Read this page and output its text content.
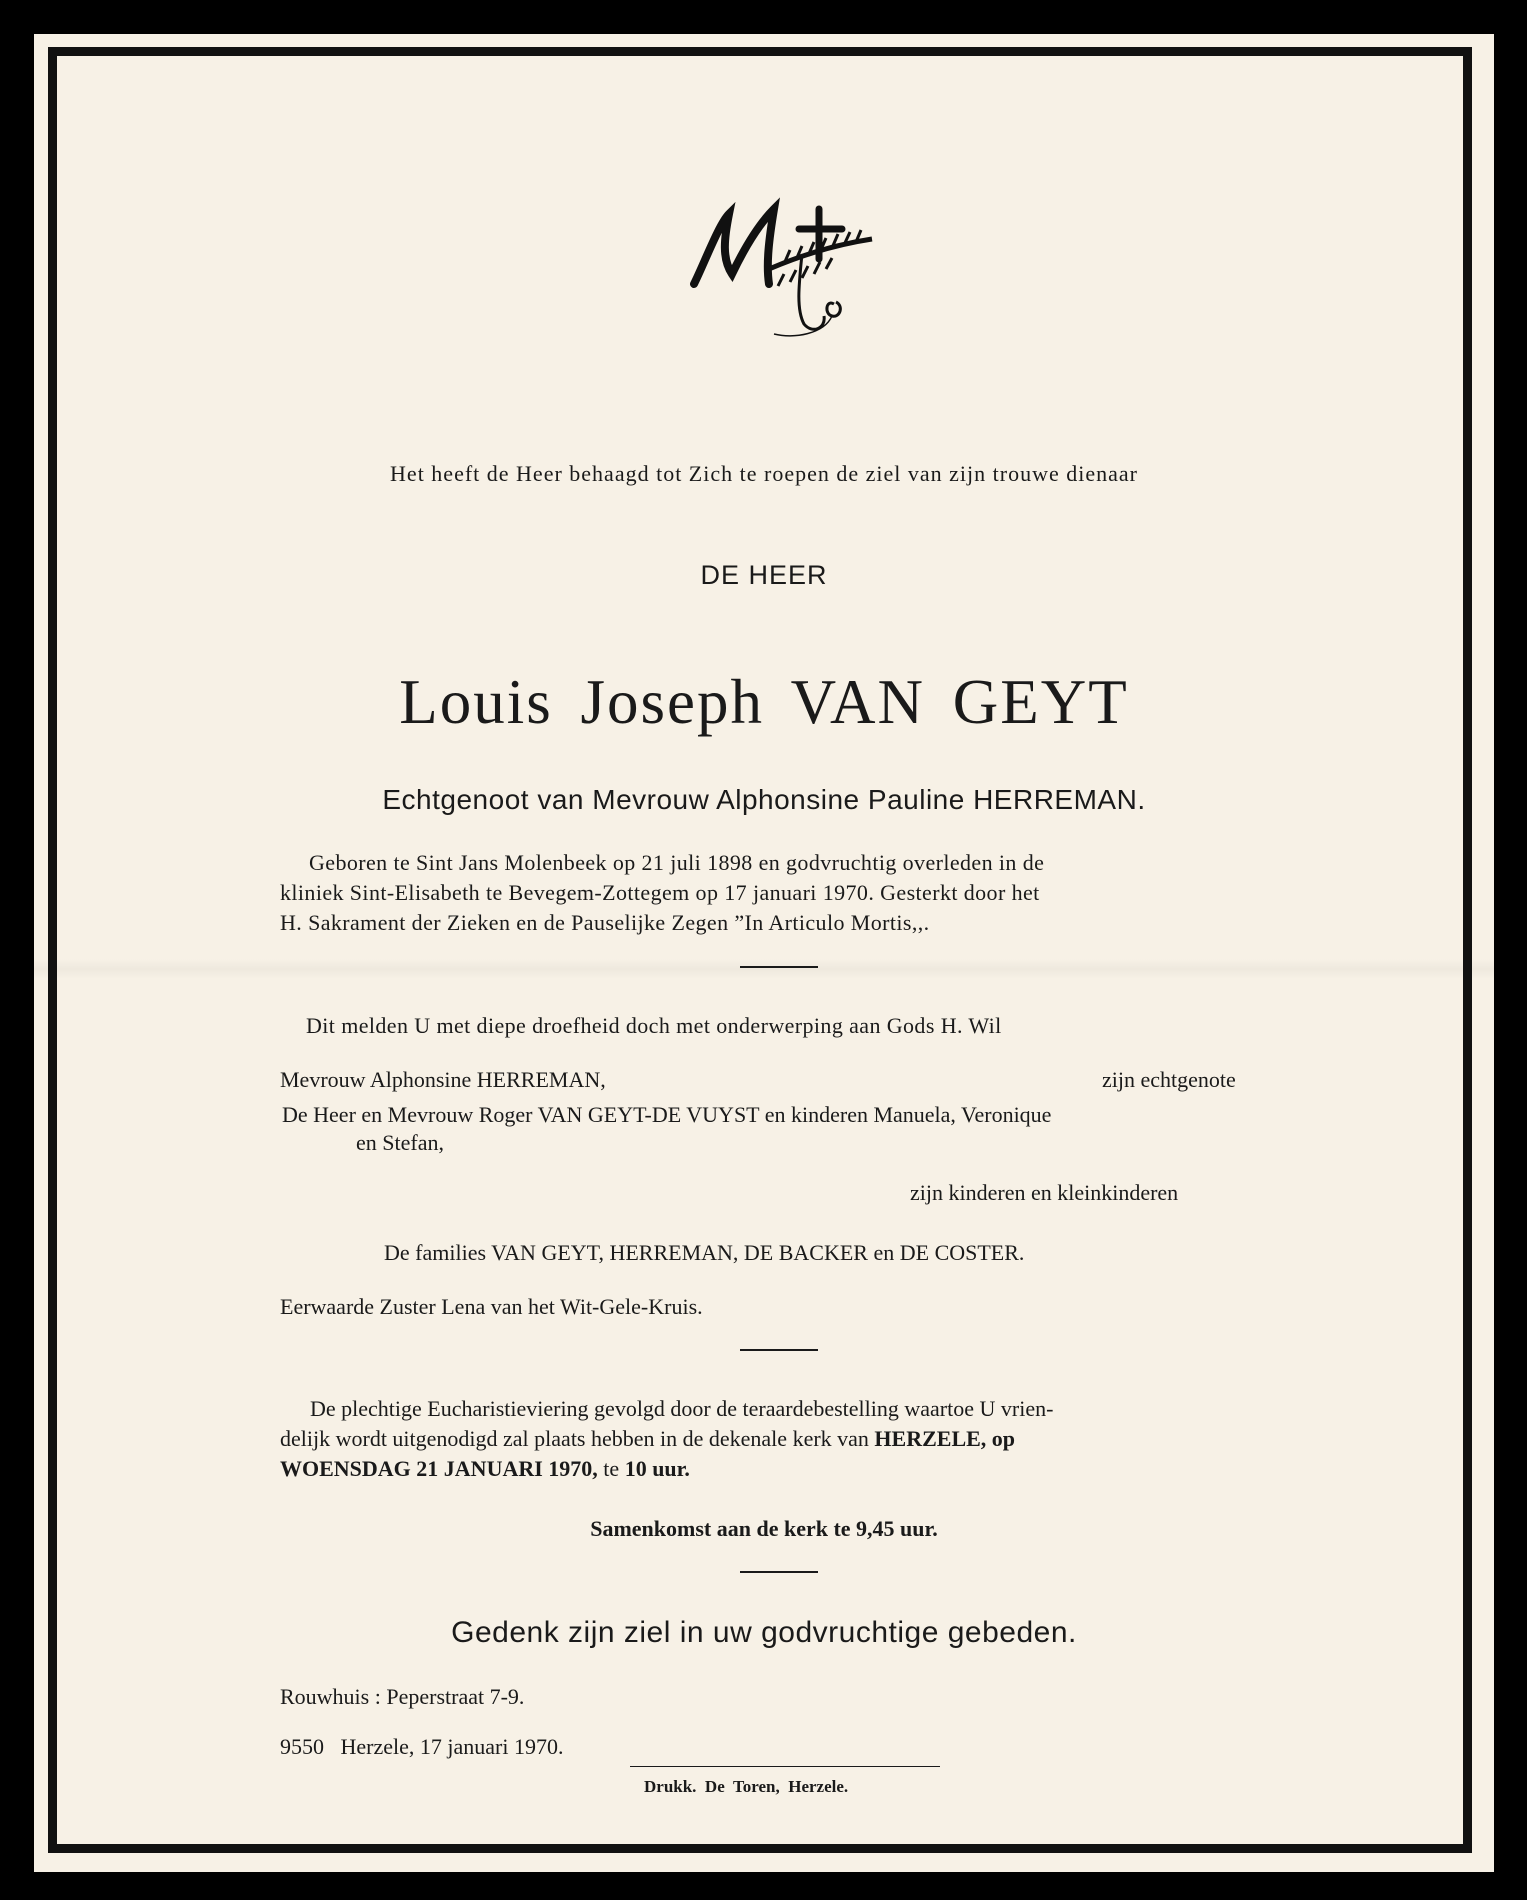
Het heeft de Heer behaagd tot Zich te roepen de ziel van zijn trouwe dienaar
DE HEER
Louis Joseph VAN GEYT
Echtgenoot van Mevrouw Alphonsine Pauline HERREMAN.
Geboren te Sint Jans Molenbeek op 21 juli 1898 en godvruchtig overleden in de
kliniek Sint-Elisabeth te Bevegem-Zottegem op 17 januari 1970. Gesterkt door het
H. Sakrament der Zieken en de Pauselijke Zegen ”In Articulo Mortis,,.
Dit melden U met diepe droefheid doch met onderwerping aan Gods H. Wil
Mevrouw Alphonsine HERREMAN,	zijn echtgenote
De Heer en Mevrouw Roger VAN GEYT-DE VUYST en kinderen Manuela, Veronique
en Stefan,
zijn kinderen en kleinkinderen
De families VAN GEYT, HERREMAN, DE BACKER en DE COSTER.
Eerwaarde Zuster Lena van het Wit-Gele-Kruis.
De plechtige Eucharistieviering gevolgd door de teraardebestelling waartoe U vrien-
delijk wordt uitgenodigd zal plaats hebben in de dekenale kerk van HERZELE, op
WOENSDAG 21 JANUARI 1970, te 10 uur.
Samenkomst aan de kerk te 9,45 uur.
Gedenk zijn ziel in uw godvruchtige gebeden.
Rouwhuis : Peperstraat 7-9.
9550   Herzele, 17 januari 1970.
Drukk.  De  Toren,  Herzele.
